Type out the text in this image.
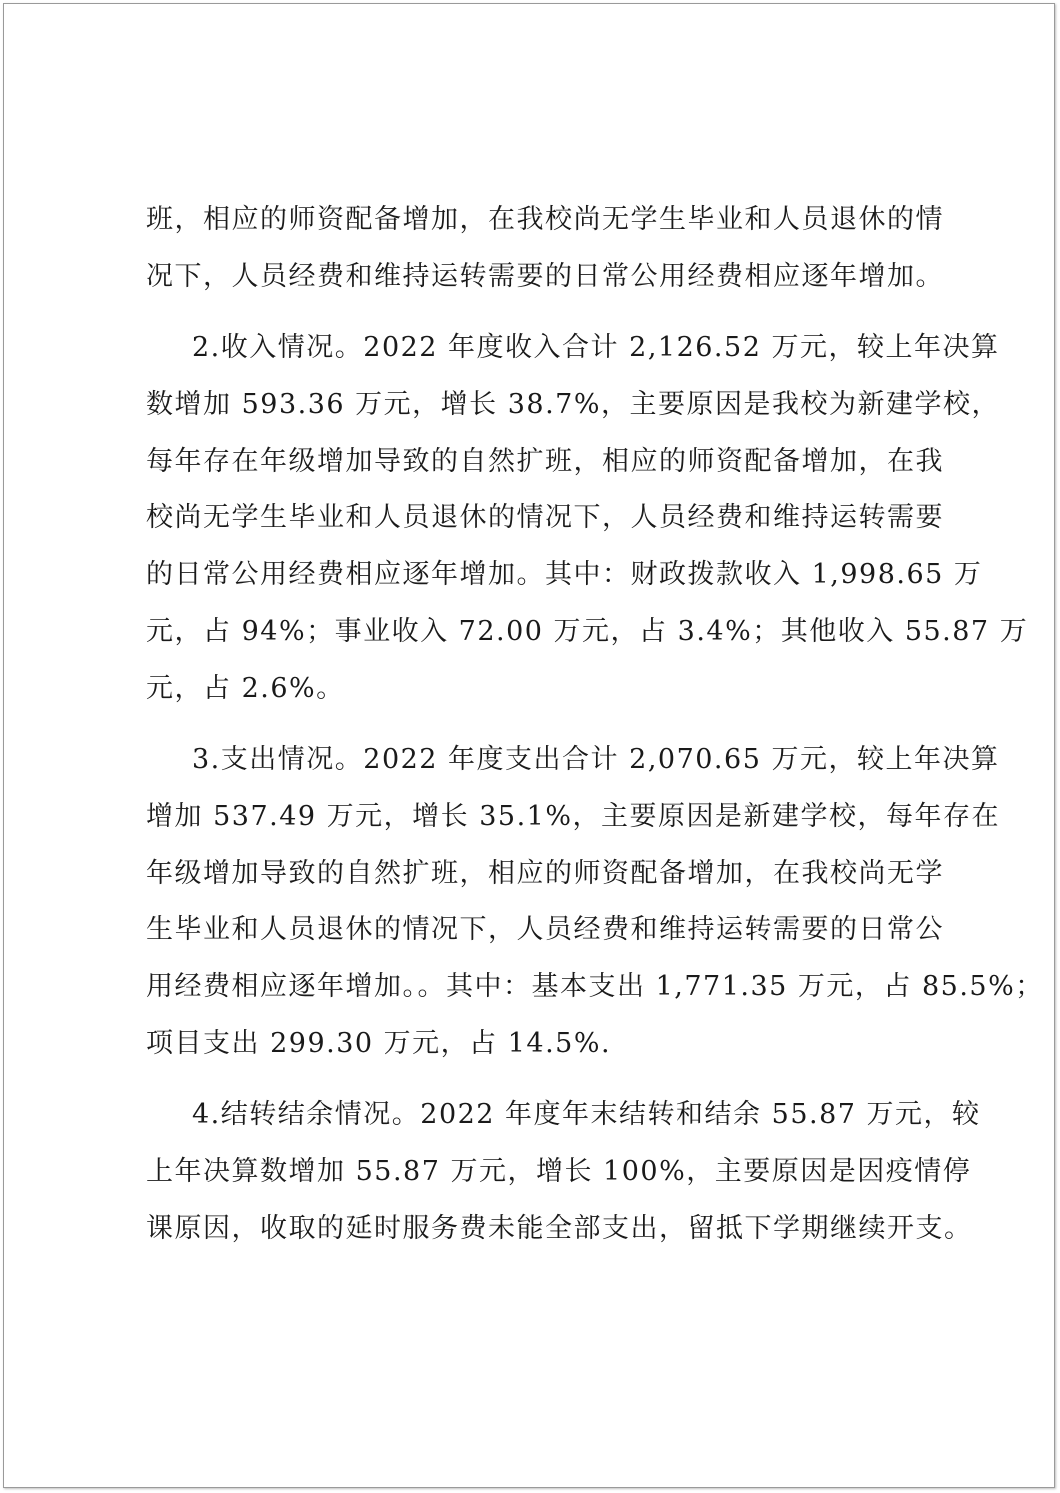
班，相应的师资配备增加，在我校尚无学生毕业和人员退休的情
况下，人员经费和维持运转需要的日常公用经费相应逐年增加。
2.收入情况。2022 年度收入合计 2,126.52 万元，较上年决算
数增加 593.36 万元，增长 38.7%，主要原因是我校为新建学校，
每年存在年级增加导致的自然扩班，相应的师资配备增加，在我
校尚无学生毕业和人员退休的情况下，人员经费和维持运转需要
的日常公用经费相应逐年增加。其中：财政拨款收入 1,998.65 万
元，占 94%；事业收入 72.00 万元，占 3.4%；其他收入 55.87 万
元，占 2.6%。
3.支出情况。2022 年度支出合计 2,070.65 万元，较上年决算
增加 537.49 万元，增长 35.1%，主要原因是新建学校，每年存在
年级增加导致的自然扩班，相应的师资配备增加，在我校尚无学
生毕业和人员退休的情况下，人员经费和维持运转需要的日常公
用经费相应逐年增加。。其中：基本支出 1,771.35 万元，占 85.5%；
项目支出 299.30 万元，占 14.5%.
4.结转结余情况。2022 年度年末结转和结余 55.87 万元，较
上年决算数增加 55.87 万元，增长 100%，主要原因是因疫情停
课原因，收取的延时服务费未能全部支出，留抵下学期继续开支。
